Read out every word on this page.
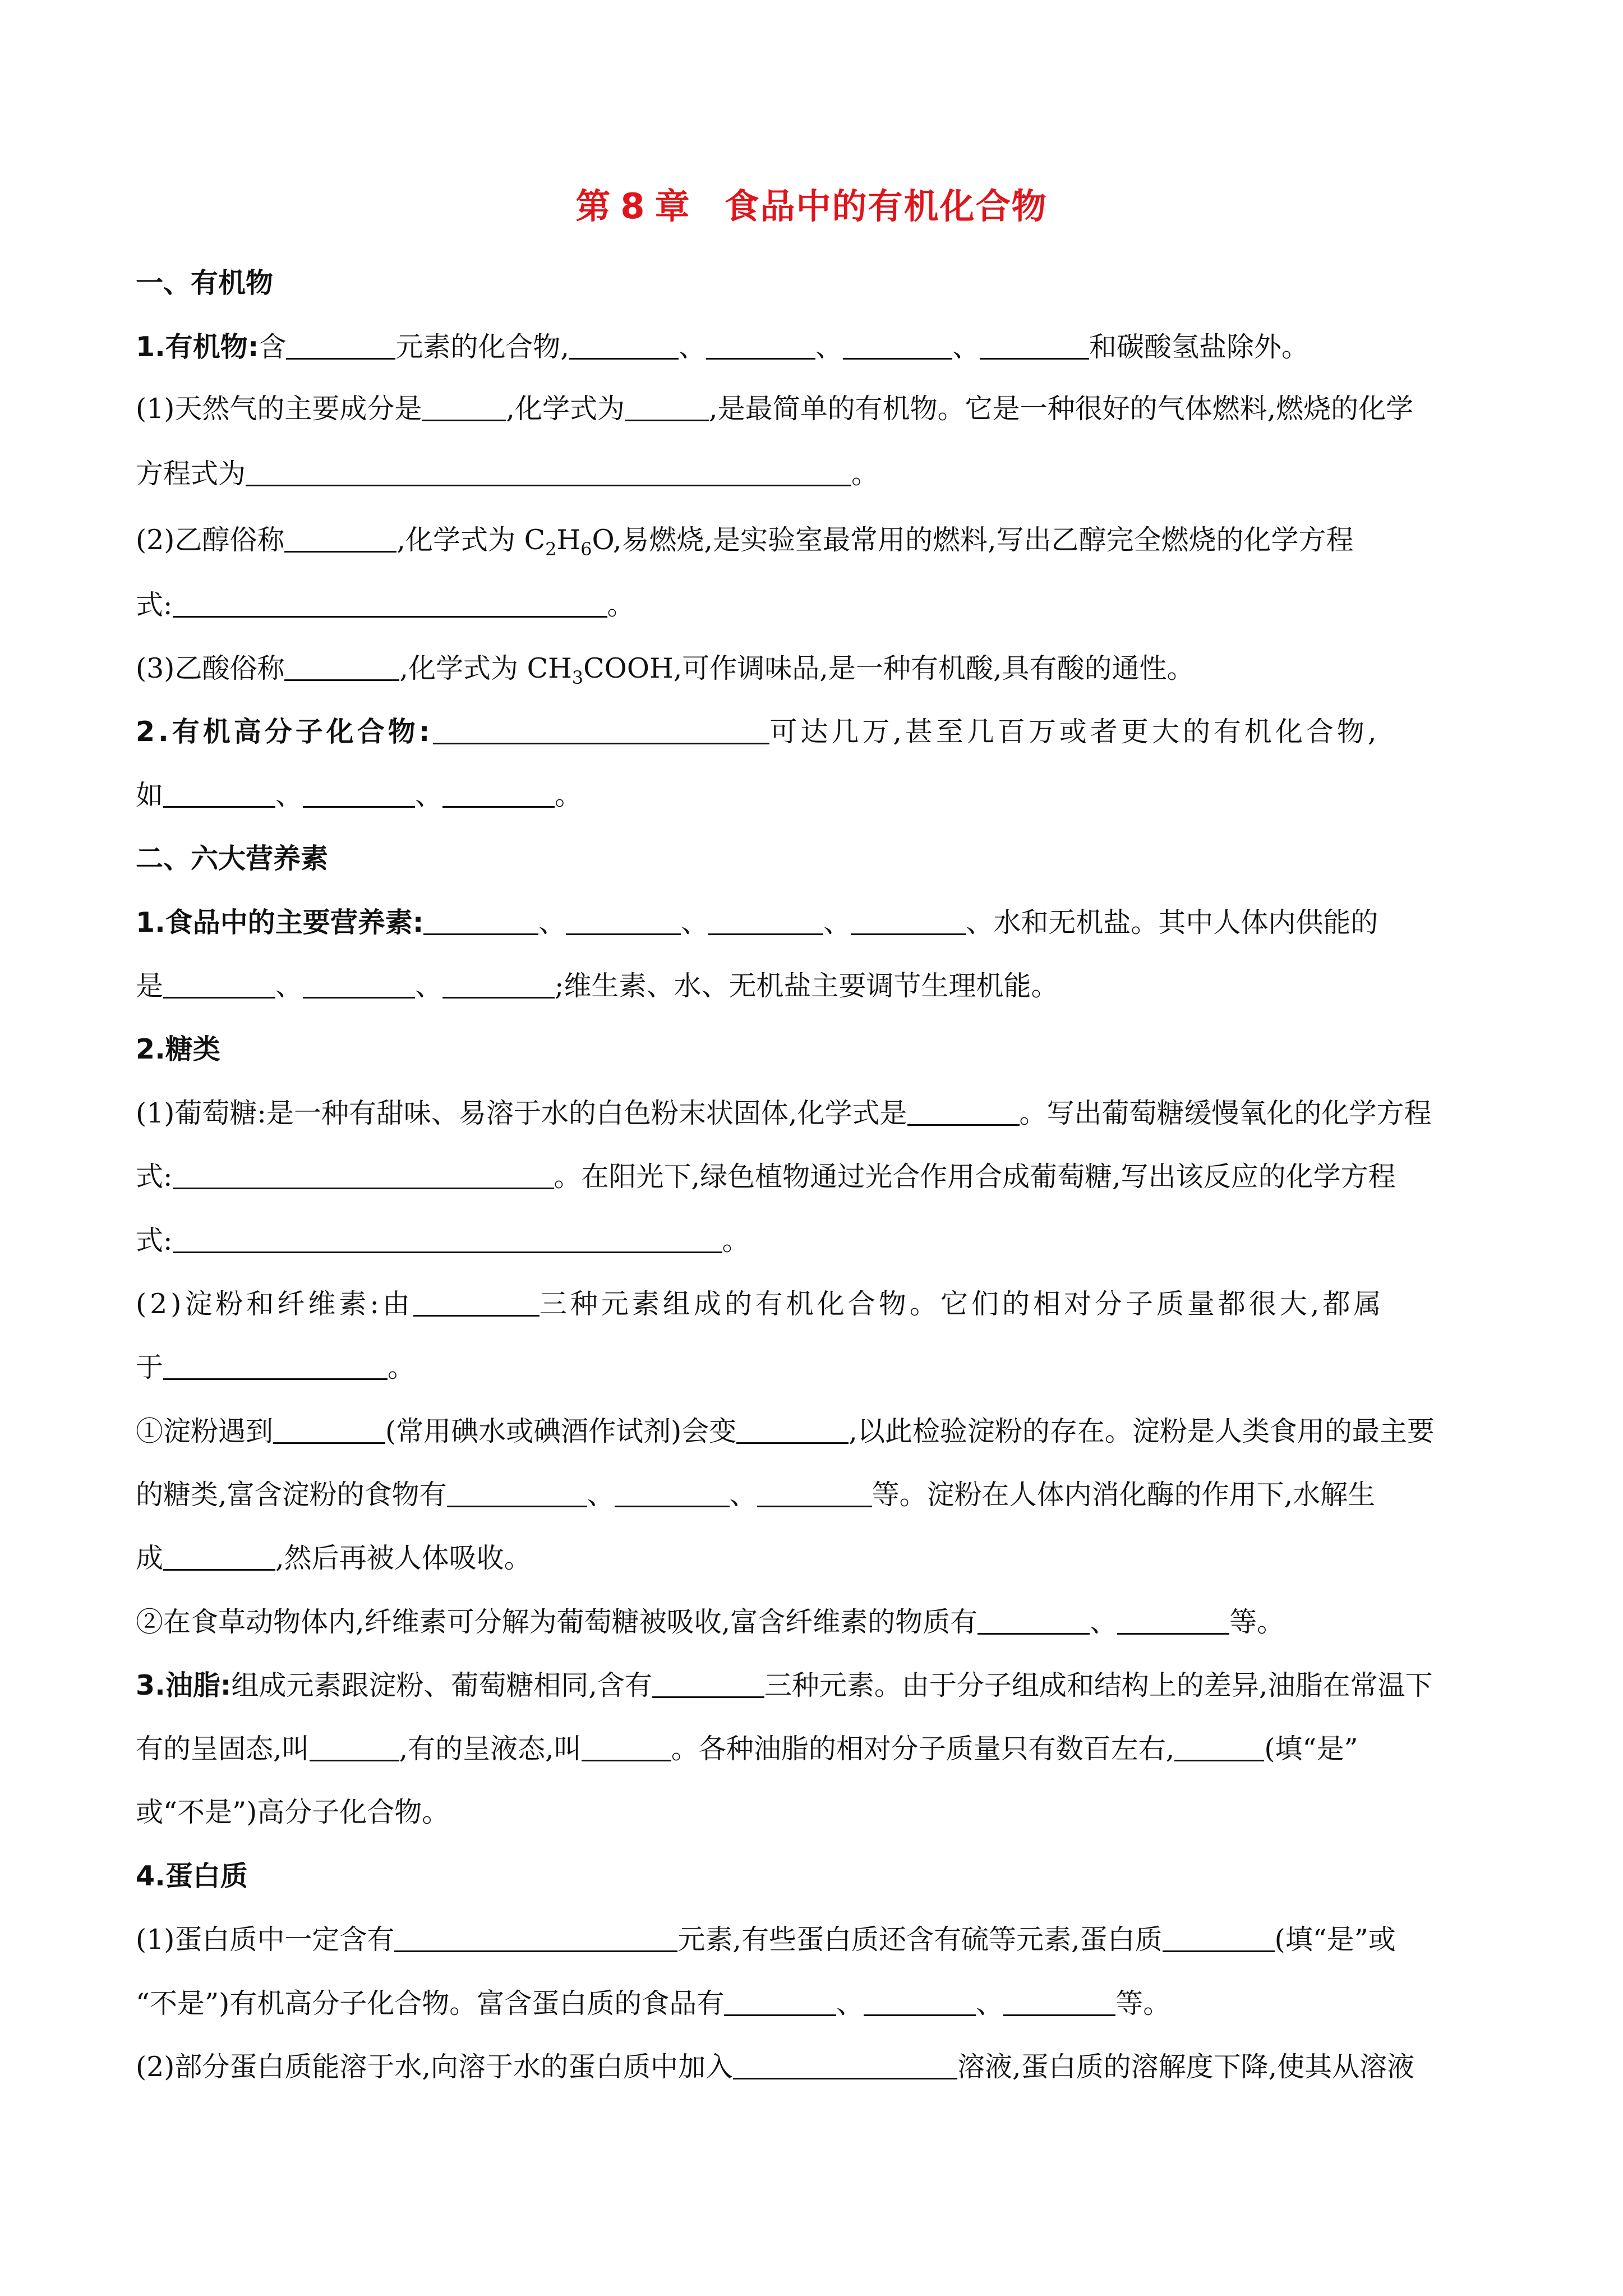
第 8 章 食品中的有机化合物
一、有机物
1.有机物:含	元素的化合物,	、	、	、	和碳酸氢盐除外。
(1)天然气的主要成分是	,化学式为	,是最简单的有机物。它是一种很好的气体燃料,燃烧的化学
方程式为	。
(2)乙醇俗称	,化学式为 $C_2H_6O$,易燃烧,是实验室最常用的燃料,写出乙醇完全燃烧的化学方程
式:	。
(3)乙酸俗称	,化学式为 $CH_3COOH$,可作调味品,是一种有机酸,具有酸的通性。
2.有机高分子化合物:	可达几万,甚至几百万或者更大的有机化合物,
如	、	、	。
二、六大营养素
1.食品中的主要营养素:	、	、	、	、水和无机盐。其中人体内供能的
是	、	、	;维生素、水、无机盐主要调节生理机能。
2.糖类
(1)葡萄糖:是一种有甜味、易溶于水的白色粉末状固体,化学式是	。写出葡萄糖缓慢氧化的化学方程
式:	。在阳光下,绿色植物通过光合作用合成葡萄糖,写出该反应的化学方程
式:	。
(2)淀粉和纤维素:由	三种元素组成的有机化合物。它们的相对分子质量都很大,都属
于	。
①淀粉遇到	(常用碘水或碘酒作试剂)会变	,以此检验淀粉的存在。淀粉是人类食用的最主要
的糖类,富含淀粉的食物有	、	、	等。淀粉在人体内消化酶的作用下,水解生
成	,然后再被人体吸收。
②在食草动物体内,纤维素可分解为葡萄糖被吸收,富含纤维素的物质有	、	等。
3.油脂:组成元素跟淀粉、葡萄糖相同,含有	三种元素。由于分子组成和结构上的差异,油脂在常温下
有的呈固态,叫	,有的呈液态,叫	。各种油脂的相对分子质量只有数百左右,	(填“是”
或“不是”)高分子化合物。
4.蛋白质
(1)蛋白质中一定含有	元素,有些蛋白质还含有硫等元素,蛋白质	(填“是”或
“不是”)有机高分子化合物。富含蛋白质的食品有	、	、	等。
(2)部分蛋白质能溶于水,向溶于水的蛋白质中加入	溶液,蛋白质的溶解度下降,使其从溶液
